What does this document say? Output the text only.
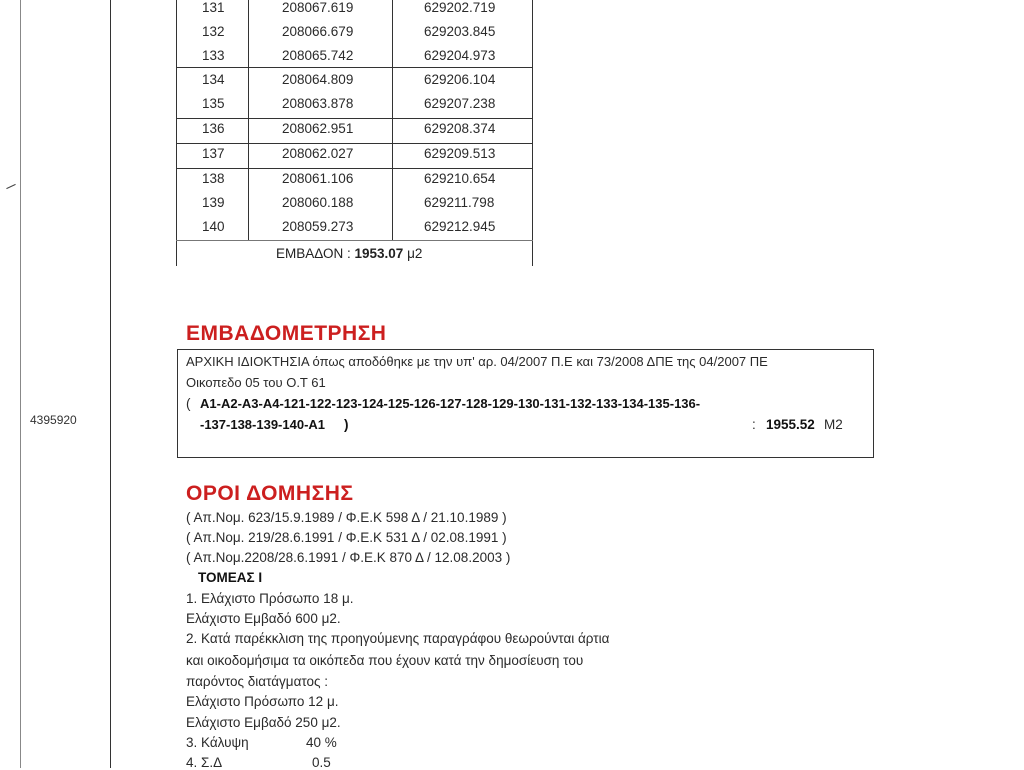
4395920
131	208067.619	629202.719
132	208066.679	629203.845
133	208065.742	629204.973
134	208064.809	629206.104
135	208063.878	629207.238
136	208062.951	629208.374
137	208062.027	629209.513
138	208061.106	629210.654
139	208060.188	629211.798
140	208059.273	629212.945
ΕΜΒΑΔΟΝ : 1953.07 μ2
ΕΜΒΑΔΟΜΕΤΡΗΣΗ
ΑΡΧΙΚΗ ΙΔΙΟΚΤΗΣΙΑ όπως αποδόθηκε με την υπ' αρ. 04/2007 Π.Ε και 73/2008 ΔΠΕ της 04/2007 ΠΕ
Οικοπεδο 05 του Ο.Τ 61
( Α1-Α2-Α3-Α4-121-122-123-124-125-126-127-128-129-130-131-132-133-134-135-136-
-137-138-139-140-Α1 )	: 1955.52 Μ2
ΟΡΟΙ ΔΟΜΗΣΗΣ
( Απ.Νομ. 623/15.9.1989 / Φ.Ε.Κ 598 Δ / 21.10.1989 )
( Απ.Νομ. 219/28.6.1991 / Φ.Ε.Κ 531 Δ / 02.08.1991 )
( Απ.Νομ.2208/28.6.1991 / Φ.Ε.Κ 870 Δ / 12.08.2003 )
ΤΟΜΕΑΣ Ι
1. Ελάχιστο Πρόσωπο 18 μ.
Ελάχιστο Εμβαδό 600 μ2.
2. Κατά παρέκκλιση της προηγούμενης παραγράφου θεωρούνται άρτια
και οικοδομήσιμα τα οικόπεδα που έχουν κατά την δημοσίευση του
παρόντος διατάγματος :
Ελάχιστο Πρόσωπο 12 μ.
Ελάχιστο Εμβαδό 250 μ2.
3. Κάλυψη	40 %
4. Σ.Δ	0.5
